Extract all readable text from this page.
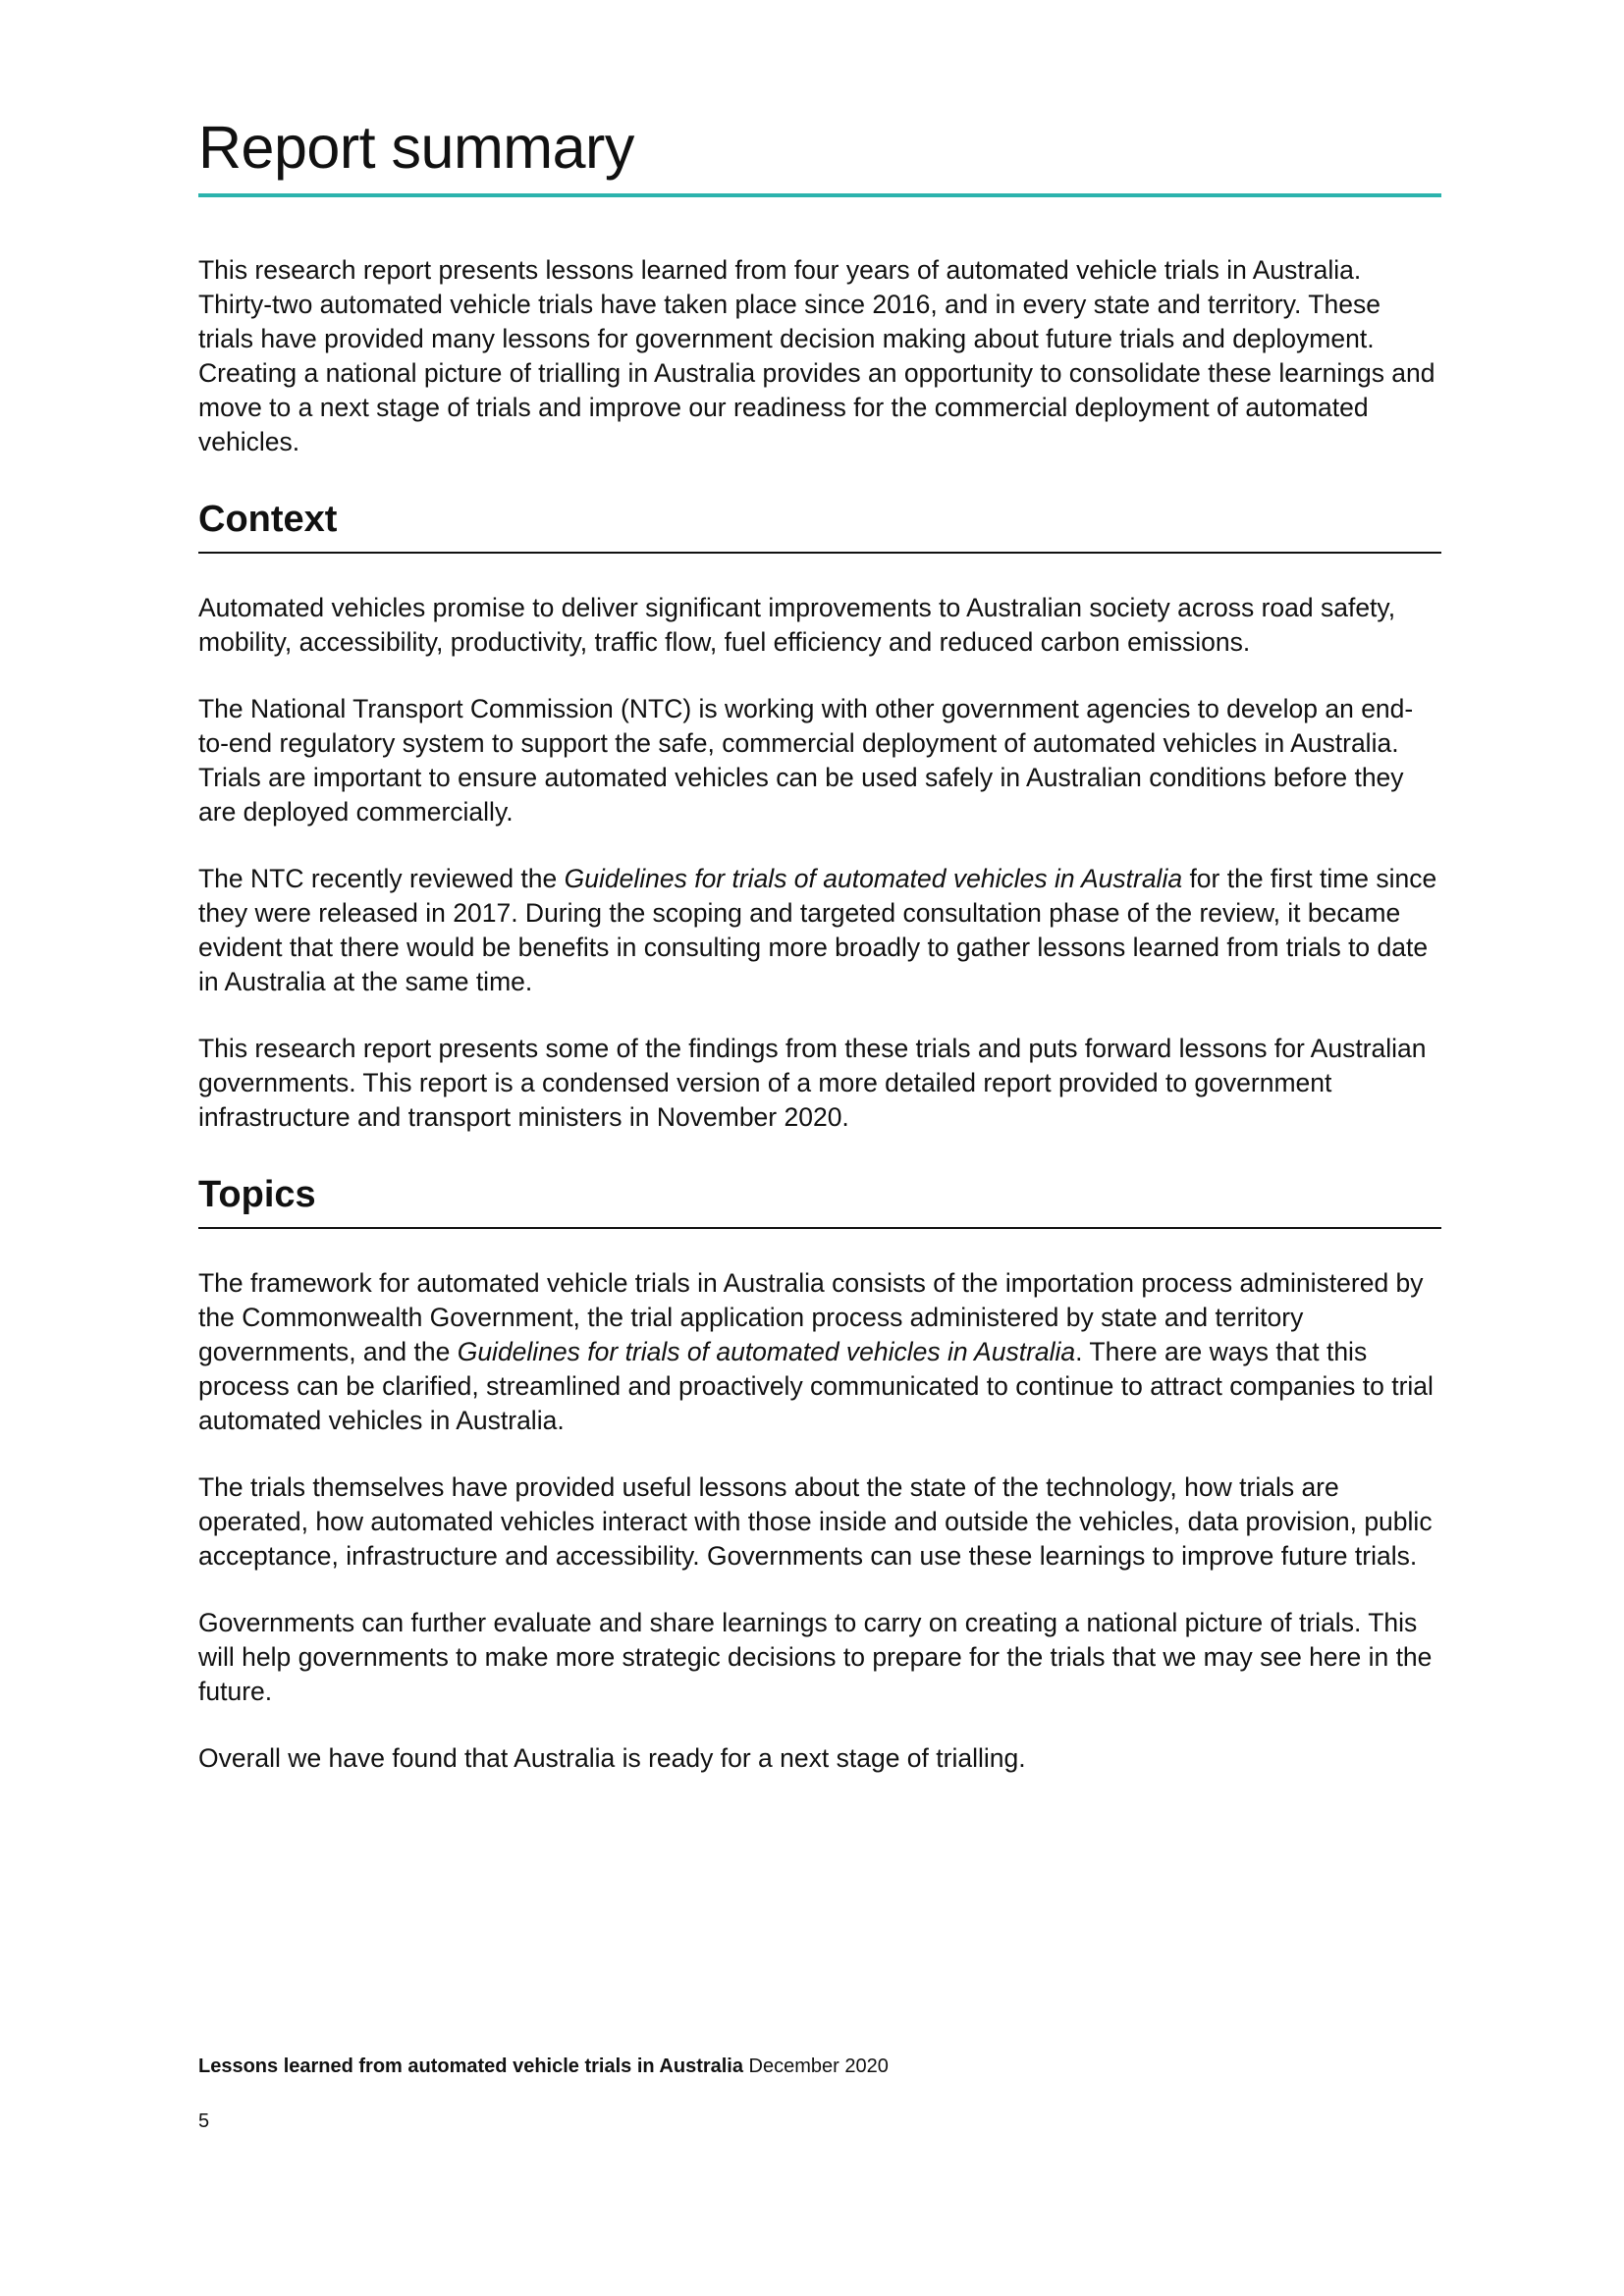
Report summary

This research report presents lessons learned from four years of automated vehicle trials in Australia. Thirty-two automated vehicle trials have taken place since 2016, and in every state and territory. These trials have provided many lessons for government decision making about future trials and deployment. Creating a national picture of trialling in Australia provides an opportunity to consolidate these learnings and move to a next stage of trials and improve our readiness for the commercial deployment of automated vehicles.

Context

Automated vehicles promise to deliver significant improvements to Australian society across road safety, mobility, accessibility, productivity, traffic flow, fuel efficiency and reduced carbon emissions.

The National Transport Commission (NTC) is working with other government agencies to develop an end-to-end regulatory system to support the safe, commercial deployment of automated vehicles in Australia. Trials are important to ensure automated vehicles can be used safely in Australian conditions before they are deployed commercially.

The NTC recently reviewed the Guidelines for trials of automated vehicles in Australia for the first time since they were released in 2017. During the scoping and targeted consultation phase of the review, it became evident that there would be benefits in consulting more broadly to gather lessons learned from trials to date in Australia at the same time.

This research report presents some of the findings from these trials and puts forward lessons for Australian governments. This report is a condensed version of a more detailed report provided to government infrastructure and transport ministers in November 2020.

Topics

The framework for automated vehicle trials in Australia consists of the importation process administered by the Commonwealth Government, the trial application process administered by state and territory governments, and the Guidelines for trials of automated vehicles in Australia. There are ways that this process can be clarified, streamlined and proactively communicated to continue to attract companies to trial automated vehicles in Australia.

The trials themselves have provided useful lessons about the state of the technology, how trials are operated, how automated vehicles interact with those inside and outside the vehicles, data provision, public acceptance, infrastructure and accessibility. Governments can use these learnings to improve future trials.

Governments can further evaluate and share learnings to carry on creating a national picture of trials. This will help governments to make more strategic decisions to prepare for the trials that we may see here in the future.

Overall we have found that Australia is ready for a next stage of trialling.

Lessons learned from automated vehicle trials in Australia December 2020
5
